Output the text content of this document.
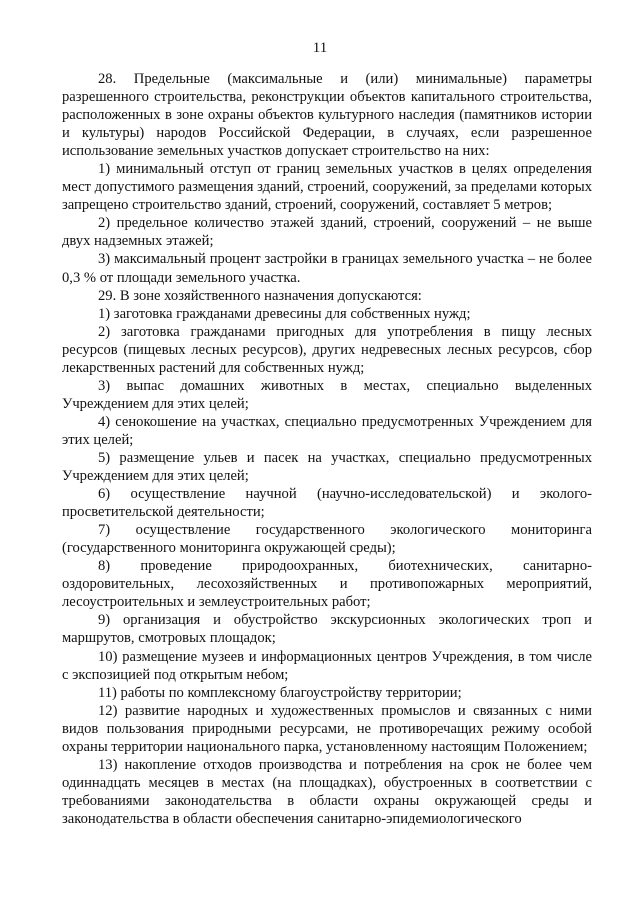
11

28. Предельные (максимальные и (или) минимальные) параметры разрешенного строительства, реконструкции объектов капитального строительства, расположенных в зоне охраны объектов культурного наследия (памятников истории и культуры) народов Российской Федерации, в случаях, если разрешенное использование земельных участков допускает строительство на них:

1) минимальный отступ от границ земельных участков в целях определения мест допустимого размещения зданий, строений, сооружений, за пределами которых запрещено строительство зданий, строений, сооружений, составляет 5 метров;

2) предельное количество этажей зданий, строений, сооружений – не выше двух надземных этажей;

3) максимальный процент застройки в границах земельного участка – не более 0,3 % от площади земельного участка.

29. В зоне хозяйственного назначения допускаются:

1) заготовка гражданами древесины для собственных нужд;

2) заготовка гражданами пригодных для употребления в пищу лесных ресурсов (пищевых лесных ресурсов), других недревесных лесных ресурсов, сбор лекарственных растений для собственных нужд;

3) выпас домашних животных в местах, специально выделенных Учреждением для этих целей;

4) сенокошение на участках, специально предусмотренных Учреждением для этих целей;

5) размещение ульев и пасек на участках, специально предусмотренных Учреждением для этих целей;

6) осуществление научной (научно-исследовательской) и эколого-просветительской деятельности;

7) осуществление государственного экологического мониторинга (государственного мониторинга окружающей среды);

8) проведение природоохранных, биотехнических, санитарно-оздоровительных, лесохозяйственных и противопожарных мероприятий, лесоустроительных и землеустроительных работ;

9) организация и обустройство экскурсионных экологических троп и маршрутов, смотровых площадок;

10) размещение музеев и информационных центров Учреждения, в том числе с экспозицией под открытым небом;

11) работы по комплексному благоустройству территории;

12) развитие народных и художественных промыслов и связанных с ними видов пользования природными ресурсами, не противоречащих режиму особой охраны территории национального парка, установленному настоящим Положением;

13) накопление отходов производства и потребления на срок не более чем одиннадцать месяцев в местах (на площадках), обустроенных в соответствии с требованиями законодательства в области охраны окружающей среды и законодательства в области обеспечения санитарно-эпидемиологического
